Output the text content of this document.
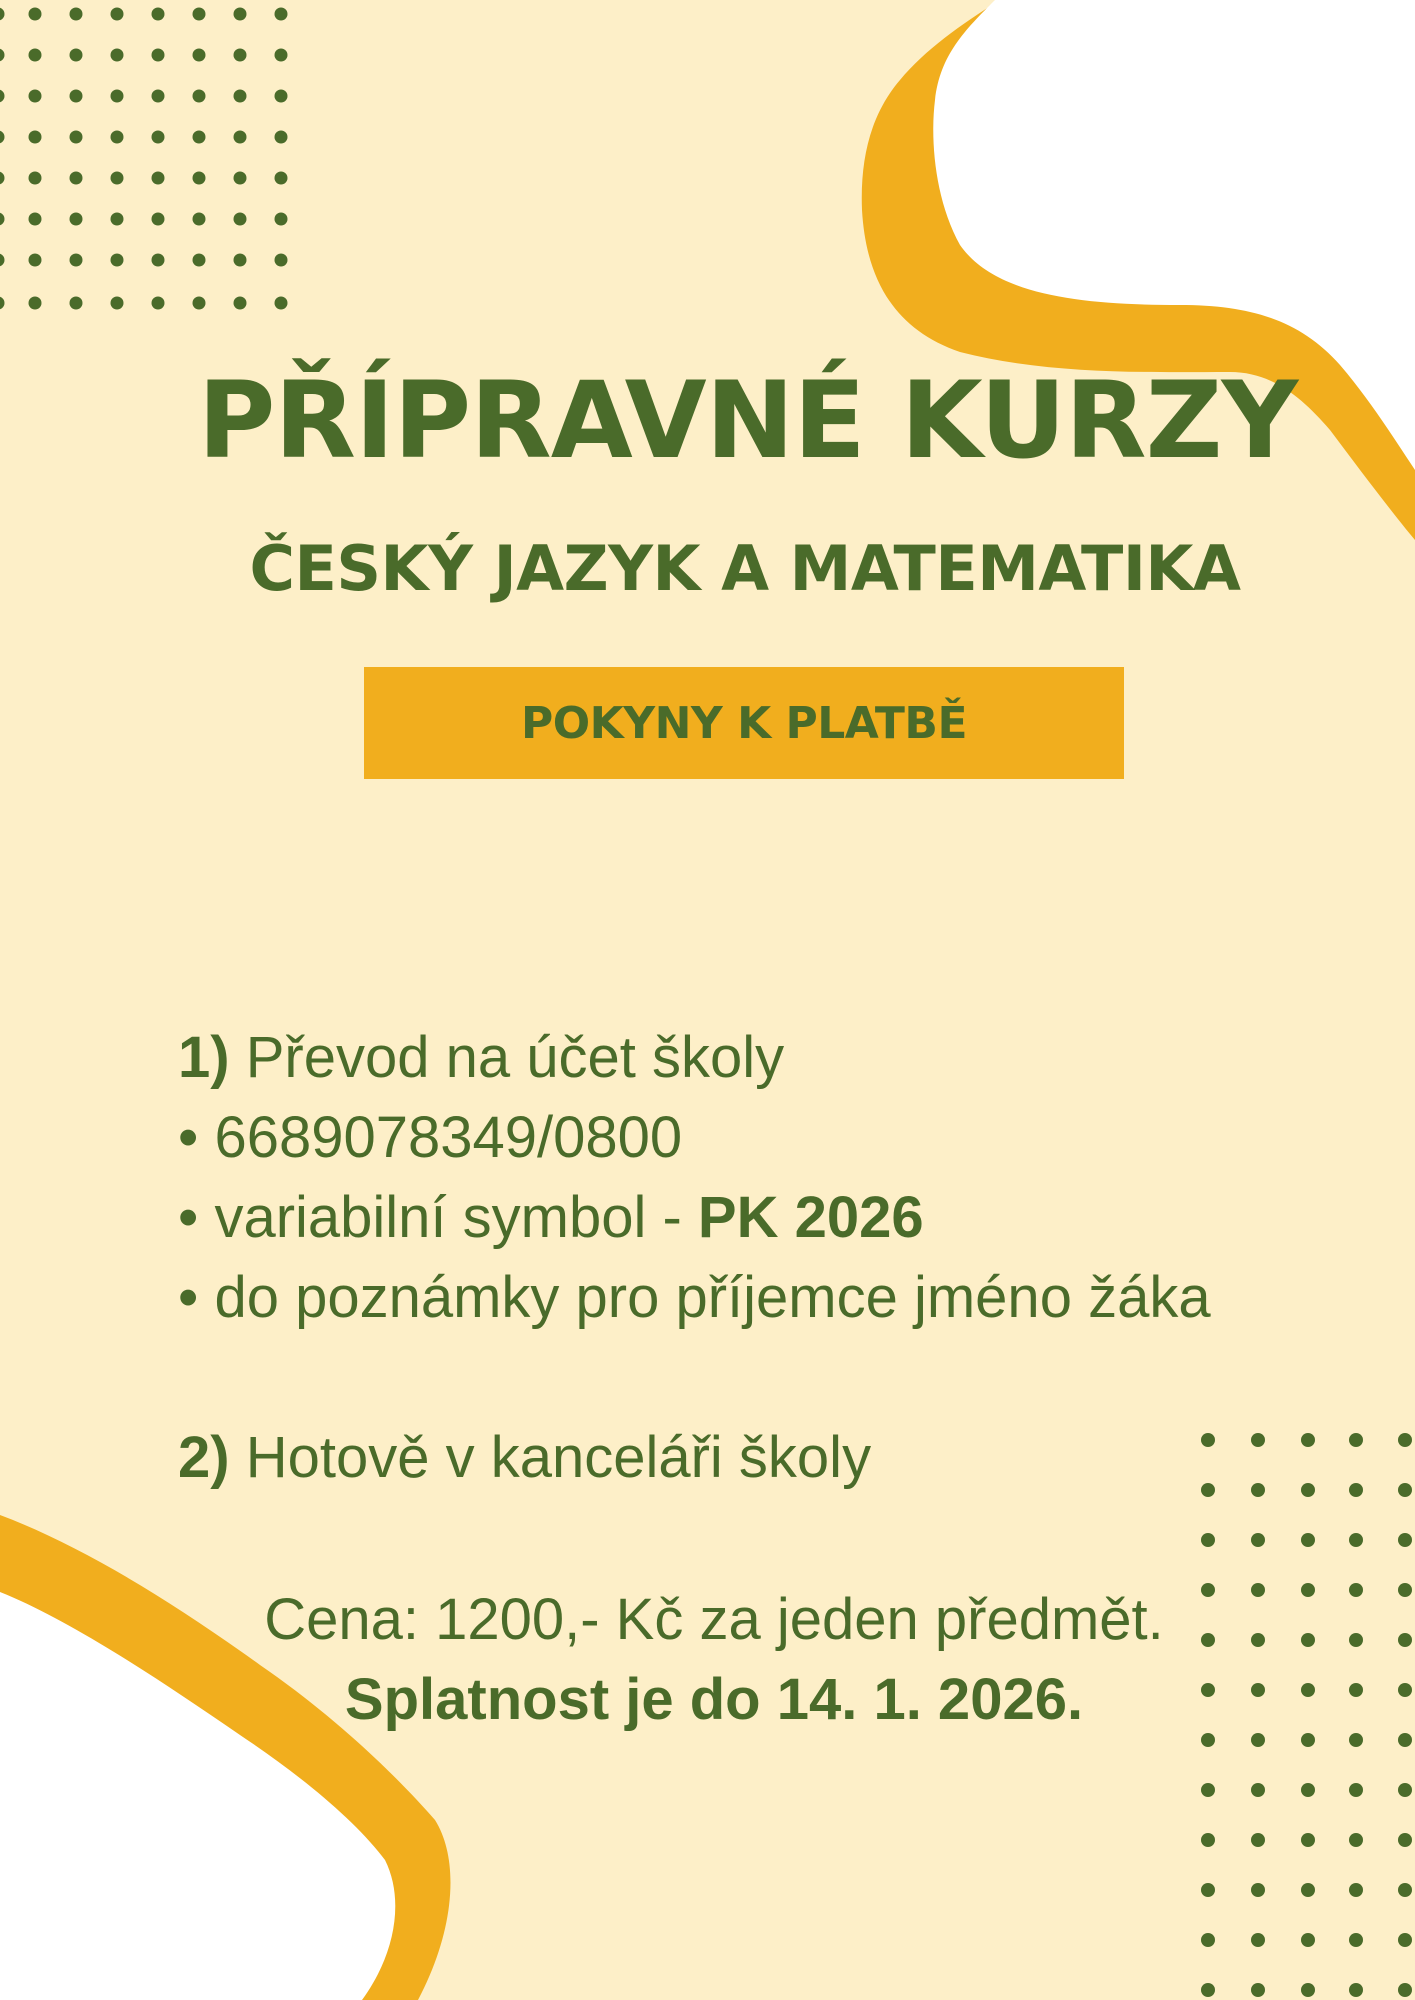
PŘÍPRAVNÉ KURZY
ČESKÝ JAZYK A MATEMATIKA
POKYNY K PLATBĚ
1) Převod na účet školy
• 6689078349/0800
• variabilní symbol - PK 2026
• do poznámky pro příjemce jméno žáka
2) Hotově v kanceláři školy
Cena: 1200,- Kč za jeden předmět.
Splatnost je do 14. 1. 2026.
